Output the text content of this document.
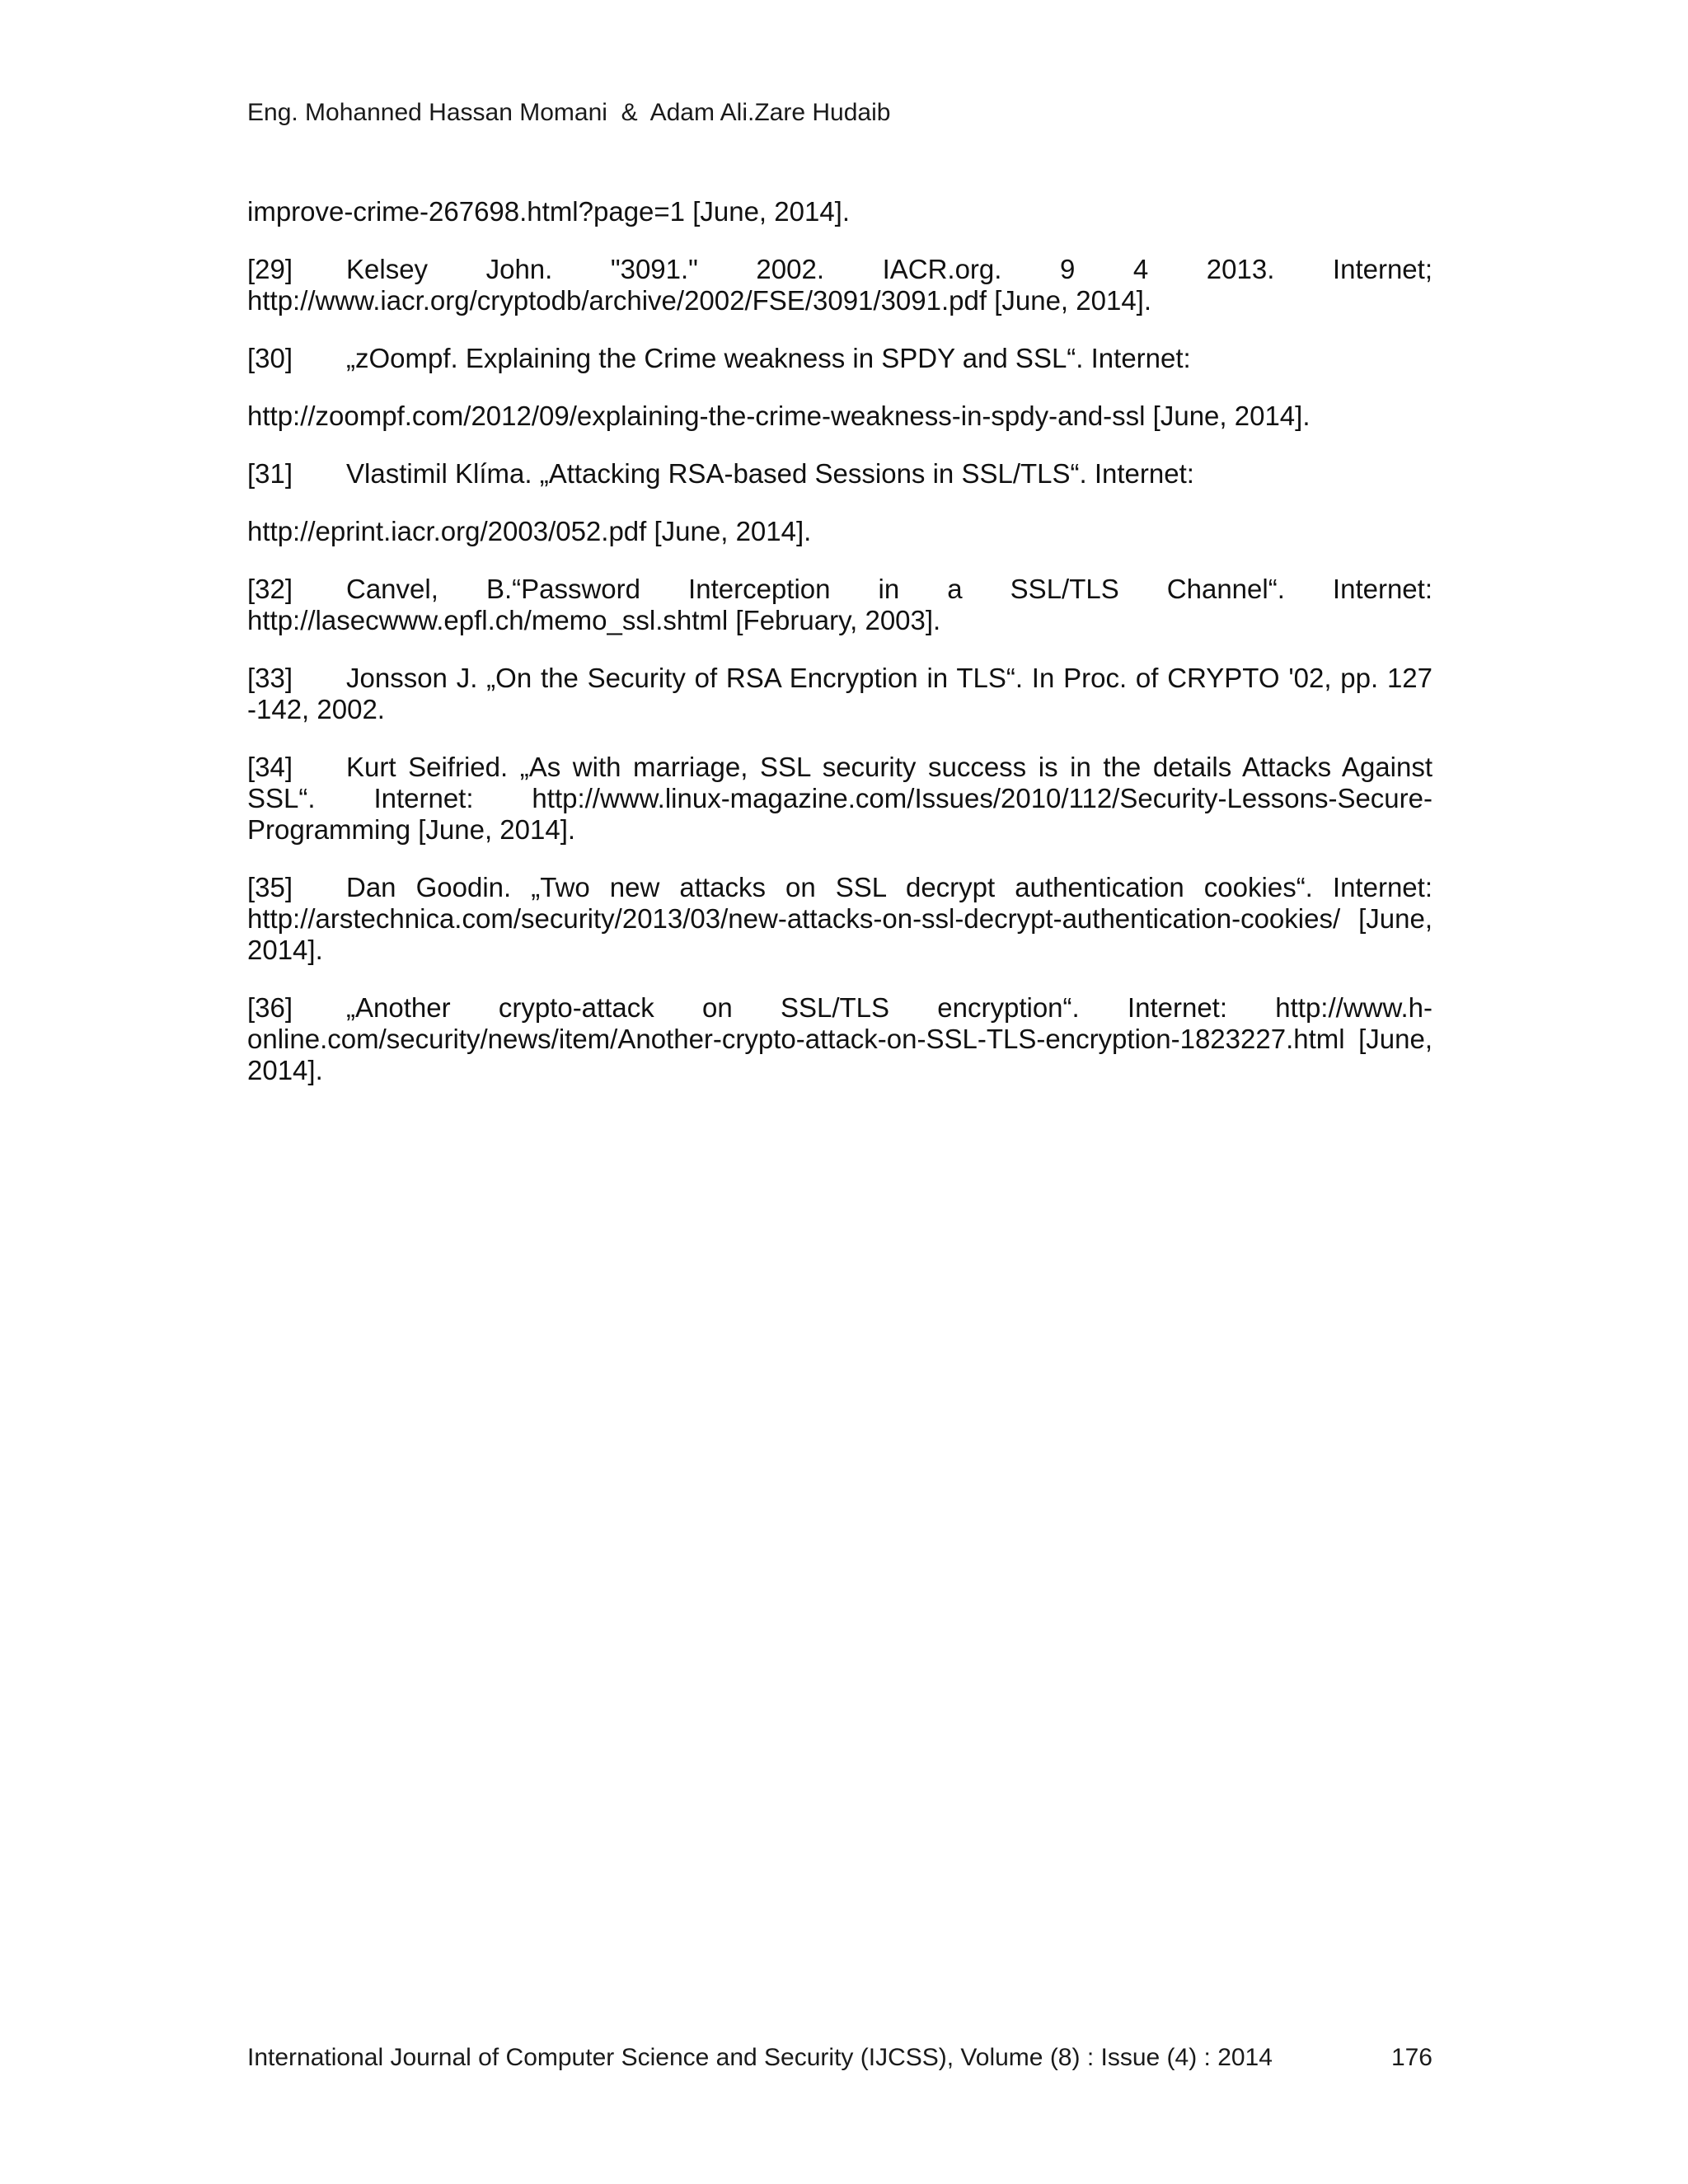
Eng. Mohanned Hassan Momani  &  Adam Ali.Zare Hudaib

improve-crime-267698.html?page=1 [June, 2014].

[29] Kelsey John. "3091." 2002. IACR.org. 9 4 2013. Internet; http://www.iacr.org/cryptodb/archive/2002/FSE/3091/3091.pdf [June, 2014].

[30] „zOompf. Explaining the Crime weakness in SPDY and SSL“. Internet:

http://zoompf.com/2012/09/explaining-the-crime-weakness-in-spdy-and-ssl [June, 2014].

[31] Vlastimil Klíma. „Attacking RSA-based Sessions in SSL/TLS“. Internet:

http://eprint.iacr.org/2003/052.pdf [June, 2014].

[32] Canvel, B.“Password Interception in a SSL/TLS Channel“. Internet: http://lasecwww.epfl.ch/memo_ssl.shtml [February, 2003].

[33] Jonsson J. „On the Security of RSA Encryption in TLS“. In Proc. of CRYPTO '02, pp. 127 -142, 2002.

[34] Kurt Seifried. „As with marriage, SSL security success is in the details Attacks Against SSL“. Internet: http://www.linux-magazine.com/Issues/2010/112/Security-Lessons-Secure-Programming [June, 2014].

[35] Dan Goodin. „Two new attacks on SSL decrypt authentication cookies“. Internet: http://arstechnica.com/security/2013/03/new-attacks-on-ssl-decrypt-authentication-cookies/ [June, 2014].

[36] „Another crypto-attack on SSL/TLS encryption“. Internet: http://www.h-online.com/security/news/item/Another-crypto-attack-on-SSL-TLS-encryption-1823227.html [June, 2014].

International Journal of Computer Science and Security (IJCSS), Volume (8) : Issue (4) : 2014	176
